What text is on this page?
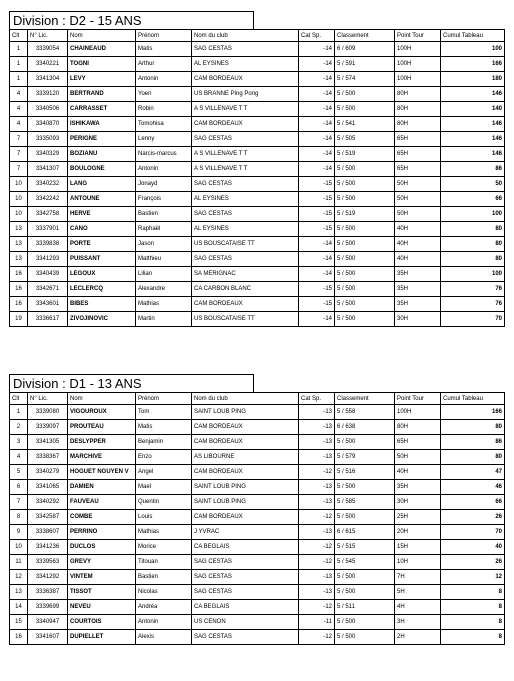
Division : D2 - 15 ANS
Clt	N° Lic.	Nom	Prénom	Nom du club	Cat Sp.	Classement	Point Tour	Cumul Tableau
1	3339054	CHAINEAUD	Matis	SAG CESTAS	-14	6 / 609	100H	100
1	3340221	TOGNI	Arthur	AL EYSINES	-14	5 / 591	100H	166
1	3341304	LEVY	Antonin	CAM BORDEAUX	-14	5 / 574	100H	180
4	3339120	BERTRAND	Yoen	US BRANNE Ping Pong	-14	5 / 500	80H	146
4	3340506	CARRASSET	Robin	A S VILLENAVE T T	-14	5 / 500	80H	140
4	3340870	ISHIKAWA	Tomohisa	CAM BORDEAUX	-14	5 / 541	80H	146
7	3335093	PERIGNE	Lenny	SAG CESTAS	-14	5 / 505	65H	146
7	3340329	BOZIANU	Narcis-marcus	A S VILLENAVE T T	-14	5 / 519	65H	146
7	3341307	BOULOGNE	Antonin	A S VILLENAVE T T	-14	5 / 500	65H	86
10	3340232	LANG	Jonayd	SAG CESTAS	-15	5 / 500	50H	50
10	3342242	ANTOUNE	François	AL EYSINES	-15	5 / 500	50H	66
10	3342758	HERVE	Bastien	SAG CESTAS	-15	5 / 519	50H	100
13	3337901	CANO	Raphaël	AL EYSINES	-15	5 / 500	40H	80
13	3339838	PORTE	Jason	US BOUSCATAISE TT	-14	5 / 500	40H	80
13	3341293	PUISSANT	Matthieu	SAG CESTAS	-14	5 / 500	40H	80
16	3340439	LEGOUX	Lilian	SA MERIGNAC	-14	5 / 500	35H	100
16	3342671	LECLERCQ	Alexandre	CA CARBON BLANC	-15	5 / 500	35H	76
16	3343601	BIBES	Mathias	CAM BORDEAUX	-15	5 / 500	35H	76
19	3336617	ZIVOJINOVIC	Martin	US BOUSCATAISE TT	-14	5 / 500	30H	70
Division : D1 - 13 ANS
Clt	N° Lic.	Nom	Prénom	Nom du club	Cat Sp.	Classement	Point Tour	Cumul Tableau
1	3339080	VIGOUROUX	Tom	SAINT LOUB PING	-13	5 / 558	100H	166
2	3339097	PROUTEAU	Matis	CAM BORDEAUX	-13	6 / 638	80H	80
3	3341305	DESLYPPER	Benjamin	CAM BORDEAUX	-13	5 / 500	65H	86
4	3338367	MARCHIVE	Enzo	AS LIBOURNE	-13	5 / 579	50H	80
5	3340279	HOGUET NGUYEN V	Angel	CAM BORDEAUX	-12	5 / 516	40H	47
6	3341065	DAMIEN	Mael	SAINT LOUB PING	-13	5 / 500	35H	46
7	3340292	FAUVEAU	Quentin	SAINT LOUB PING	-13	5 / 585	30H	66
8	3342587	COMBE	Louis	CAM BORDEAUX	-12	5 / 500	25H	26
9	3338607	PERRINO	Mathias	J YVRAC	-13	6 / 615	20H	70
10	3341236	DUCLOS	Morice	CA BEGLAIS	-12	5 / 515	15H	40
11	3339563	GREVY	Titouan	SAG CESTAS	-12	5 / 545	10H	26
12	3341292	VINTEM	Bastien	SAG CESTAS	-13	5 / 500	7H	12
13	3336387	TISSOT	Nicolas	SAG CESTAS	-13	5 / 500	5H	8
14	3339699	NEVEU	Andréa	CA BEGLAIS	-12	5 / 511	4H	8
15	3340947	COURTOIS	Antonin	US CENON	-11	5 / 500	3H	8
16	3341607	DUPIELLET	Alexis	SAG CESTAS	-12	5 / 500	2H	8
